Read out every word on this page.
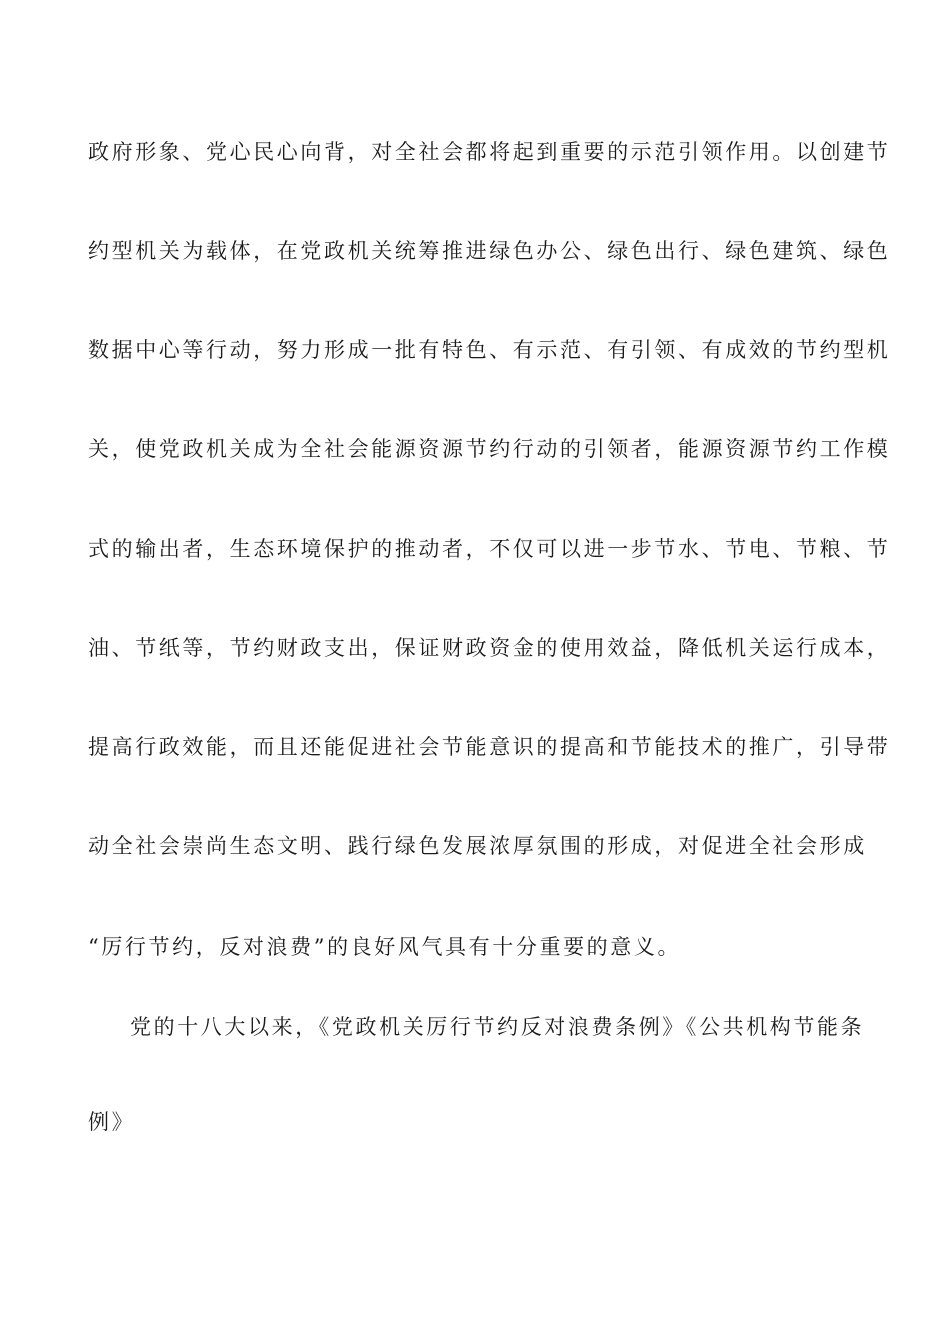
政府形象、党心民心向背，对全社会都将起到重要的示范引领作用。以创建节
约型机关为载体，在党政机关统筹推进绿色办公、绿色出行、绿色建筑、绿色
数据中心等行动，努力形成一批有特色、有示范、有引领、有成效的节约型机
关，使党政机关成为全社会能源资源节约行动的引领者，能源资源节约工作模
式的输出者，生态环境保护的推动者，不仅可以进一步节水、节电、节粮、节
油、节纸等，节约财政支出，保证财政资金的使用效益，降低机关运行成本，
提高行政效能，而且还能促进社会节能意识的提高和节能技术的推广，引导带
动全社会崇尚生态文明、践行绿色发展浓厚氛围的形成，对促进全社会形成
“厉行节约，反对浪费”的良好风气具有十分重要的意义。
党的十八大以来，《党政机关厉行节约反对浪费条例》《公共机构节能条
例》
